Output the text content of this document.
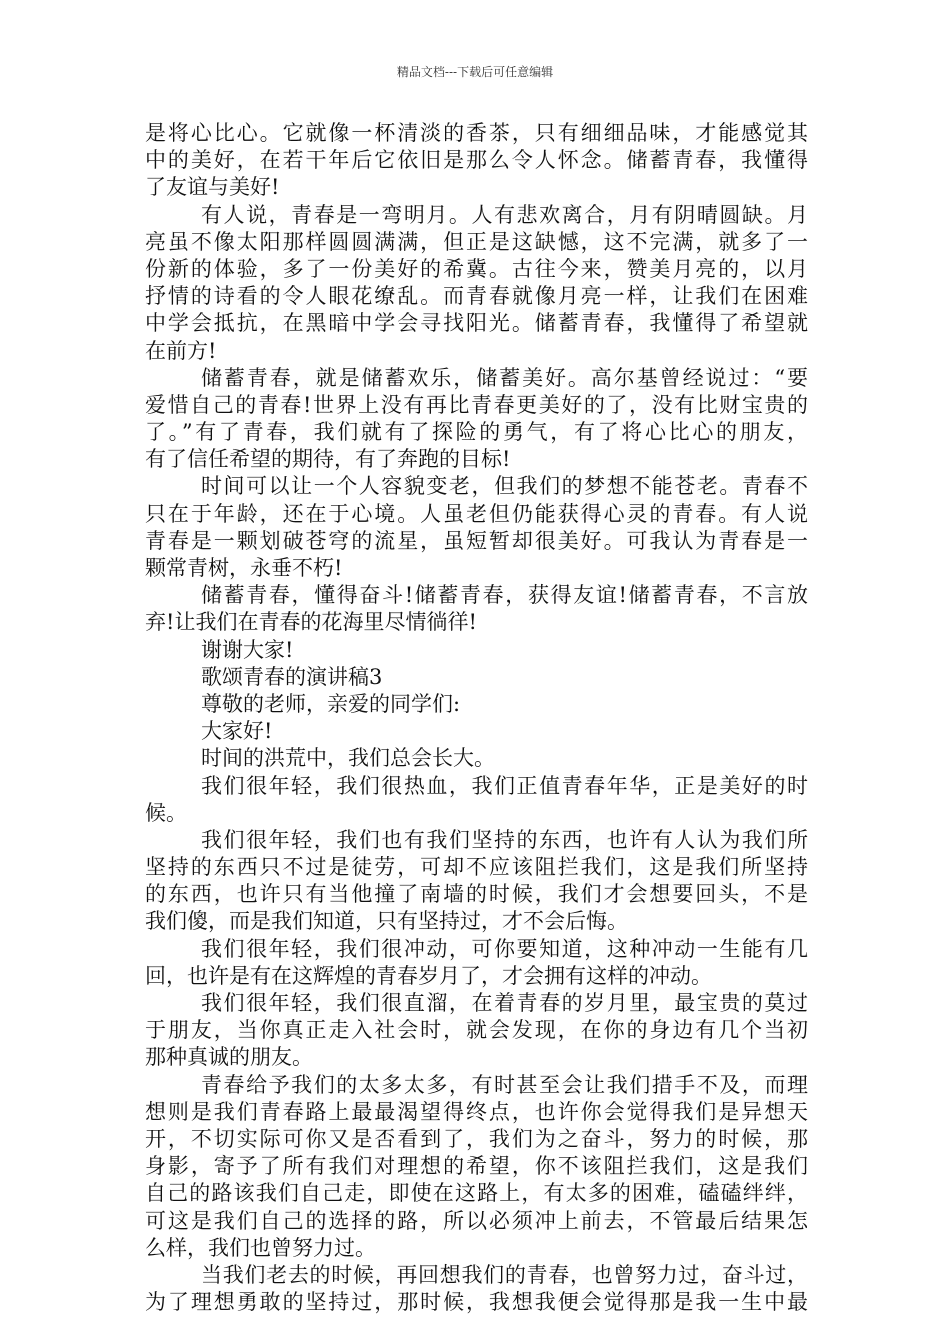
精品文档---下载后可任意编辑
是将心比心。它就像一杯清淡的香茶，只有细细品味，才能感觉其
中的美好，在若干年后它依旧是那么令人怀念。储蓄青春，我懂得
了友谊与美好!
有人说，青春是一弯明月。人有悲欢离合，月有阴晴圆缺。月
亮虽不像太阳那样圆圆满满，但正是这缺憾，这不完满，就多了一
份新的体验，多了一份美好的希冀。古往今来，赞美月亮的，以月
抒情的诗看的令人眼花缭乱。而青春就像月亮一样，让我们在困难
中学会抵抗，在黑暗中学会寻找阳光。储蓄青春，我懂得了希望就
在前方!
储蓄青春，就是储蓄欢乐，储蓄美好。高尔基曾经说过：“要
爱惜自己的青春!世界上没有再比青春更美好的了，没有比财宝贵的
了。”有了青春，我们就有了探险的勇气，有了将心比心的朋友，
有了信任希望的期待，有了奔跑的目标!
时间可以让一个人容貌变老，但我们的梦想不能苍老。青春不
只在于年龄，还在于心境。人虽老但仍能获得心灵的青春。有人说
青春是一颗划破苍穹的流星，虽短暂却很美好。可我认为青春是一
颗常青树，永垂不朽!
储蓄青春，懂得奋斗!储蓄青春，获得友谊!储蓄青春，不言放
弃!让我们在青春的花海里尽情徜徉!
谢谢大家!
歌颂青春的演讲稿3
尊敬的老师，亲爱的同学们:
大家好!
时间的洪荒中，我们总会长大。
我们很年轻，我们很热血，我们正值青春年华，正是美好的时
候。
我们很年轻，我们也有我们坚持的东西，也许有人认为我们所
坚持的东西只不过是徒劳，可却不应该阻拦我们，这是我们所坚持
的东西，也许只有当他撞了南墙的时候，我们才会想要回头，不是
我们傻，而是我们知道，只有坚持过，才不会后悔。
我们很年轻，我们很冲动，可你要知道，这种冲动一生能有几
回，也许是有在这辉煌的青春岁月了，才会拥有这样的冲动。
我们很年轻，我们很直溜，在着青春的岁月里，最宝贵的莫过
于朋友，当你真正走入社会时，就会发现，在你的身边有几个当初
那种真诚的朋友。
青春给予我们的太多太多，有时甚至会让我们措手不及，而理
想则是我们青春路上最最渴望得终点，也许你会觉得我们是异想天
开，不切实际可你又是否看到了，我们为之奋斗，努力的时候，那
身影，寄予了所有我们对理想的希望，你不该阻拦我们，这是我们
自己的路该我们自己走，即使在这路上，有太多的困难，磕磕绊绊，
可这是我们自己的选择的路，所以必须冲上前去，不管最后结果怎
么样，我们也曾努力过。
当我们老去的时候，再回想我们的青春，也曾努力过，奋斗过，
为了理想勇敢的坚持过，那时候，我想我便会觉得那是我一生中最
